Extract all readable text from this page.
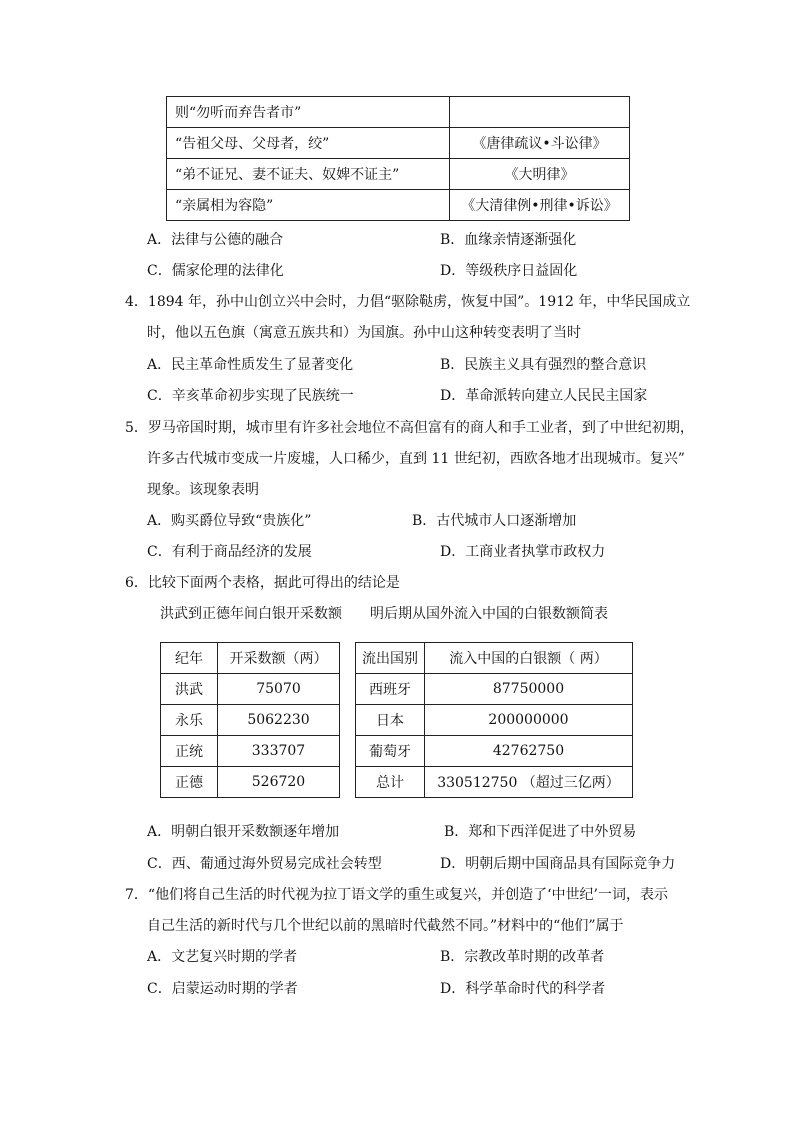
则“勿听而弃告者市”	
“告祖父母、父母者，绞”	《唐律疏议•斗讼律》
“弟不证兄、妻不证夫、奴婢不证主”	《大明律》
“亲属相为容隐”	《大清律例•刑律•诉讼》
A．法律与公德的融合	B．血缘亲情逐渐强化
C．儒家伦理的法律化	D．等级秩序日益固化
4．1894 年，孙中山创立兴中会时，力倡“驱除鞑虏，恢复中国”。1912 年，中华民国成立
时，他以五色旗（寓意五族共和）为国旗。孙中山这种转变表明了当时
A．民主革命性质发生了显著变化	B．民族主义具有强烈的整合意识
C．辛亥革命初步实现了民族统一	D．革命派转向建立人民民主国家
5．罗马帝国时期，城市里有许多社会地位不高但富有的商人和手工业者，到了中世纪初期，
许多古代城市变成一片废墟，人口稀少，直到 11 世纪初，西欧各地才出现城市。复兴”
现象。该现象表明
A．购买爵位导致“贵族化”	B．古代城市人口逐渐增加
C．有利于商品经济的发展	D．工商业者执掌市政权力
6．比较下面两个表格，据此可得出的结论是
洪武到正德年间白银开采数额 明后期从国外流入中国的白银数额简表
纪年	开采数额（两）
洪武	75070
永乐	5062230
正统	333707
正德	526720
流出国别	流入中国的白银额（ 两）
西班牙	87750000
日本	200000000
葡萄牙	42762750
总计	330512750 （超过三亿两）
A．明朝白银开采数额逐年增加	B．郑和下西洋促进了中外贸易
C．西、葡通过海外贸易完成社会转型	D．明朝后期中国商品具有国际竞争力
7．“他们将自己生活的时代视为拉丁语文学的重生或复兴，并创造了‘中世纪’一词，表示
自己生活的新时代与几个世纪以前的黑暗时代截然不同。”材料中的“他们”属于
A．文艺复兴时期的学者	B．宗教改革时期的改革者
C．启蒙运动时期的学者	D．科学革命时代的科学者
